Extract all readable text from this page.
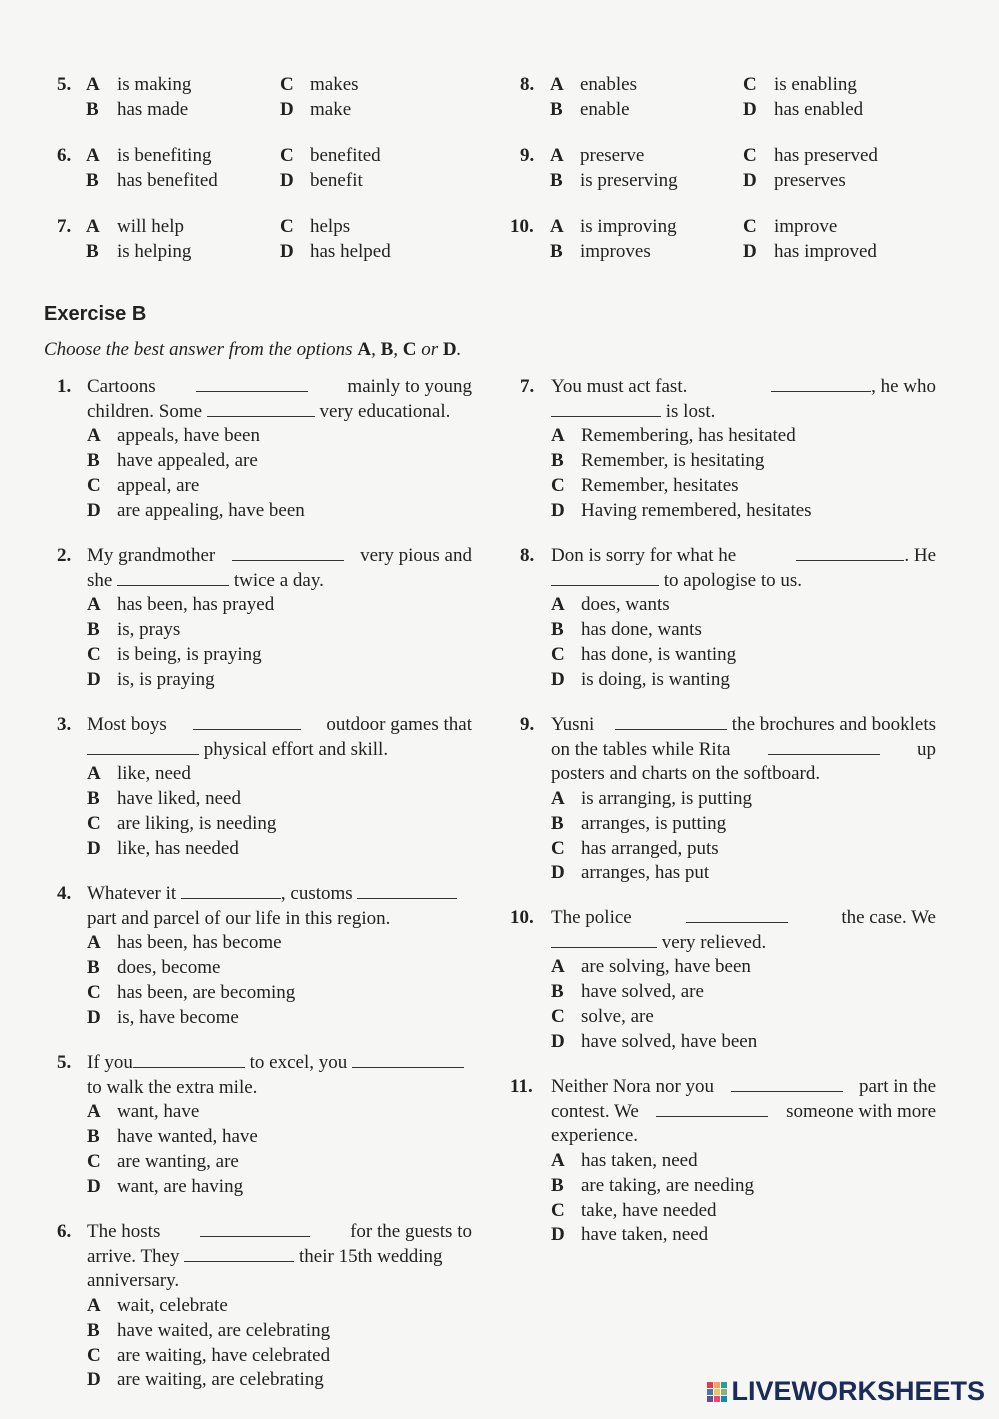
5. A is making
B has made
C makes
D make
6. A is benefiting
B has benefited
C benefited
D benefit
7. A will help
B is helping
C helps
D has helped
8. A enables
B enable
C is enabling
D has enabled
9. A preserve
B is preserving
C has preserved
D preserves
10. A is improving
B improves
C improve
D has improved
Exercise B
Choose the best answer from the options A, B, C or D.
1. Cartoons	mainly to young
children. Some	very educational.
A appeals, have been
B have appealed, are
C appeal, are
D are appealing, have been
2. My grandmother	very pious and
she	twice a day.
A has been, has prayed
B is, prays
C is being, is praying
D is, is praying
3. Most boys	outdoor games that
physical effort and skill.
A like, need
B have liked, need
C are liking, is needing
D like, has needed
4. Whatever it	, customs
part and parcel of our life in this region.
A has been, has become
B does, become
C has been, are becoming
D is, have become
5. If you	to excel, you
to walk the extra mile.
A want, have
B have wanted, have
C are wanting, are
D want, are having
6. The hosts	for the guests to
arrive. They	their 15th wedding
anniversary.
A wait, celebrate
B have waited, are celebrating
C are waiting, have celebrated
D are waiting, are celebrating
7. You must act fast.	, he who
is lost.
A Remembering, has hesitated
B Remember, is hesitating
C Remember, hesitates
D Having remembered, hesitates
8. Don is sorry for what he	. He
to apologise to us.
A does, wants
B has done, wants
C has done, is wanting
D is doing, is wanting
9. Yusni	the brochures and booklets
on the tables while Rita	up
posters and charts on the softboard.
A is arranging, is putting
B arranges, is putting
C has arranged, puts
D arranges, has put
10. The police	the case. We
very relieved.
A are solving, have been
B have solved, are
C solve, are
D have solved, have been
11. Neither Nora nor you	part in the
contest. We	someone with more
experience.
A has taken, need
B are taking, are needing
C take, have needed
D have taken, need
LIVEWORKSHEETS
